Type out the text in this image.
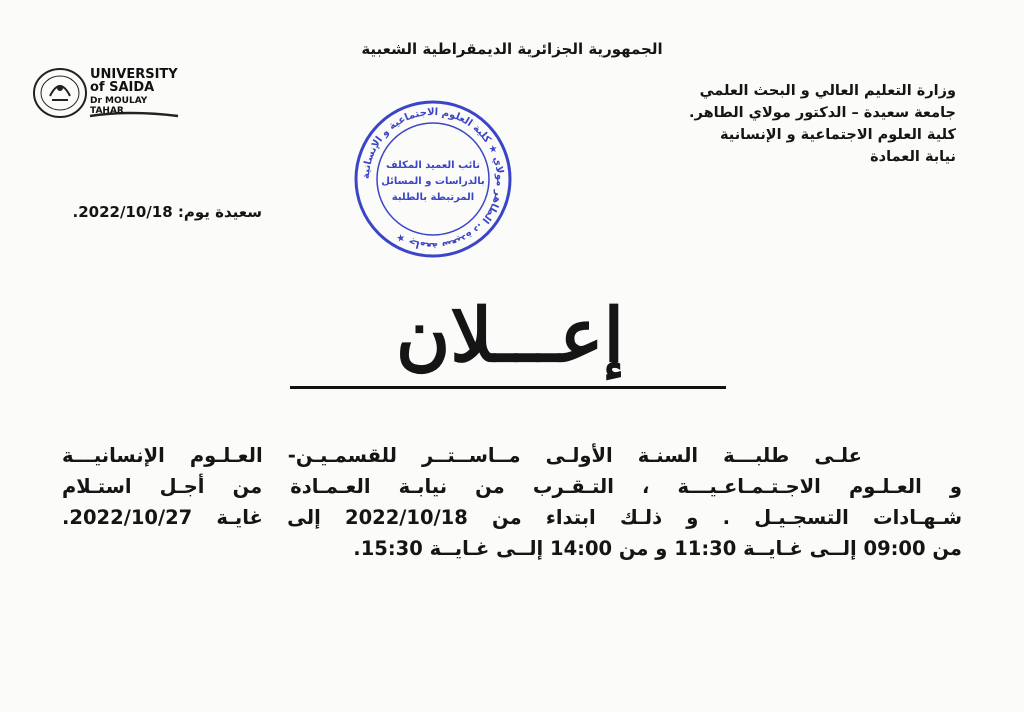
الجمهورية الجزائرية الديمقراطية الشعبية
وزارة التعليم العالي و البحث العلمي
جامعة سعيدة – الدكتور مولاي الطاهر.
كلية العلوم الاجتماعية و الإنسانية
نيابة العمادة
سعيدة يوم: 2022/10/18.
UNIVERSITY
of SAIDA
Dr MOULAY TAHAR
جامعة سعيدة د. الطاهر مولاي ★ كلية العلوم الاجتماعية و الإنسانية ★
نائب العميد المكلف
بالدراسات و المسائل
المرتبطة بالطلبة
إعـــلان
علـى طلبـــة السنـة الأولـى مــاســتــر للقسمـيـن- العـلـوم الإنسانيـــة
و العـلـوم الاجـتـمـاعـيـــة ، التـقـرب من نيابـة العـمـادة من أجـل استـلام
شـهـادات التسجـيـل . و ذلـك ابتداء من 2022/10/18 إلى غايـة 2022/10/27.
من 09:00 إلــى غـايــة 11:30 و من 14:00 إلــى غـايــة 15:30.
